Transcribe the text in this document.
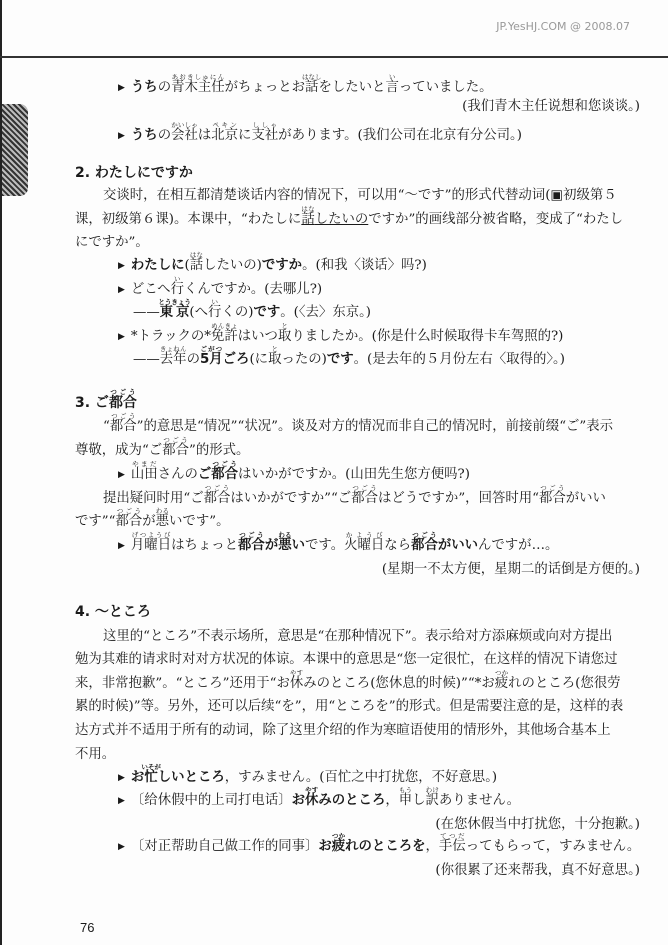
JP.YesHJ.COM @ 2008.07
▶ うちの青木主任あおきしゅにんがちょっとお話はなしをしたいと言いっていました。
(我们青木主任说想和您谈谈。)
▶ うちの会社かいしゃは北京ペキンに支社ししゃがあります。(我们公司在北京有分公司。)
2. わたしにですか
交谈时，在相互都清楚谈话内容的情况下，可以用“～です”的形式代替动词(▣初级第５
课，初级第６课)。本课中，“わたしに話はなしたいのですか”的画线部分被省略，变成了“わたし
にですか”。
▶ わたしに(話はなしたいの)ですか。(和我〈谈话〉吗?)
▶ どこへ行いくんですか。(去哪儿?)
——東京とうきょう(へ行いくの)です。(〈去〉东京。)
▶ *トラックの*免許めんきょはいつ取とりましたか。(你是什么时候取得卡车驾照的?)
——去年きょねんの5月ごがつごろ(に取とったの)です。(是去年的５月份左右〈取得的〉。)
3. ご都合つごう
“都合つごう”的意思是“情况”“状况”。谈及对方的情况而非自己的情况时，前接前缀“ご”表示
尊敬，成为“ご都合つごう”的形式。
▶ 山田やまださんのご都合つごうはいかがですか。(山田先生您方便吗?)
提出疑问时用“ご都合つごうはいかがですか”“ご都合つごうはどうですか”，回答时用“都合つごうがいい
です”“都合つごうが悪わるいです”。
▶ 月曜日げつようびはちょっと都合つごうが悪わるいです。火曜日かようびなら都合つごうがいいんですが…。
(星期一不太方便，星期二的话倒是方便的。)
4. ～ところ
这里的“ところ”不表示场所，意思是“在那种情况下”。表示给对方添麻烦或向对方提出
勉为其难的请求时对对方状况的体谅。本课中的意思是“您一定很忙，在这样的情况下请您过
来，非常抱歉”。“ところ”还用于“お休やすみのところ(您休息的时候)”“*お疲つかれのところ(您很劳
累的时候)”等。另外，还可以后续“を”，用“ところを”的形式。但是需要注意的是，这样的表
达方式并不适用于所有的动词，除了这里介绍的作为寒暄语使用的情形外，其他场合基本上
不用。
▶ お忙いそがしいところ，すみません。(百忙之中打扰您，不好意思。)
▶ 〔给休假中的上司打电话〕お休やすみのところ，申もうし訳わけありません。
(在您休假当中打扰您，十分抱歉。)
▶ 〔对正帮助自己做工作的同事〕お疲つかれのところを，手伝てつだってもらって，すみません。
(你很累了还来帮我，真不好意思。)
76
